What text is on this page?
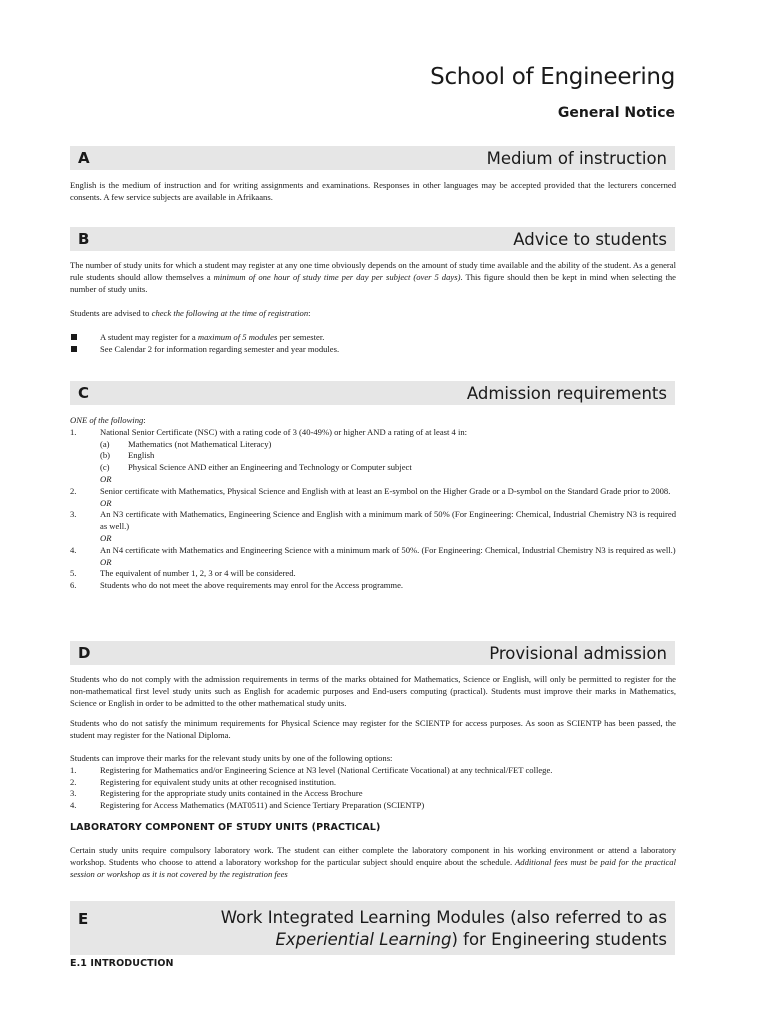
School of Engineering
General Notice
A	Medium of instruction

English is the medium of instruction and for writing assignments and examinations. Responses in other languages may be accepted provided that the lecturers concerned consents. A few service subjects are available in Afrikaans.

B	Advice to students

The number of study units for which a student may register at any one time obviously depends on the amount of study time available and the ability of the student. As a general rule students should allow themselves a minimum of one hour of study time per day per subject (over 5 days). This figure should then be kept in mind when selecting the number of study units.

Students are advised to check the following at the time of registration:

A student may register for a maximum of 5 modules per semester.
See Calendar 2 for information regarding semester and year modules.
C	Admission requirements
ONE of the following:
1.	National Senior Certificate (NSC) with a rating code of 3 (40-49%) or higher AND a rating of at least 4 in:
(a) Mathematics (not Mathematical Literacy)
(b) English
(c) Physical Science AND either an Engineering and Technology or Computer subject
OR
2.	Senior certificate with Mathematics, Physical Science and English with at least an E-symbol on the Higher Grade or a D-symbol on the Standard Grade prior to 2008.
OR
3.	An N3 certificate with Mathematics, Engineering Science and English with a minimum mark of 50% (For Engineering: Chemical, Industrial Chemistry N3 is required as well.)
OR
4.	An N4 certificate with Mathematics and Engineering Science with a minimum mark of 50%. (For Engineering: Chemical, Industrial Chemistry N3 is required as well.)
OR
5.	The equivalent of number 1, 2, 3 or 4 will be considered.
6.	Students who do not meet the above requirements may enrol for the Access programme.
D	Provisional admission

Students who do not comply with the admission requirements in terms of the marks obtained for Mathematics, Science or English, will only be permitted to register for the non-mathematical first level study units such as English for academic purposes and End-users computing (practical). Students must improve their marks in Mathematics, Science or English in order to be admitted to the other mathematical study units.

Students who do not satisfy the minimum requirements for Physical Science may register for the SCIENTP for access purposes. As soon as SCIENTP has been passed, the student may register for the National Diploma.

Students can improve their marks for the relevant study units by one of the following options:
1.	Registering for Mathematics and/or Engineering Science at N3 level (National Certificate Vocational) at any technical/FET college.
2.	Registering for equivalent study units at other recognised institution.
3.	Registering for the appropriate study units contained in the Access Brochure
4.	Registering for Access Mathematics (MAT0511) and Science Tertiary Preparation (SCIENTP)
LABORATORY COMPONENT OF STUDY UNITS (PRACTICAL)

Certain study units require compulsory laboratory work. The student can either complete the laboratory component in his working environment or attend a laboratory workshop. Students who choose to attend a laboratory workshop for the particular subject should enquire about the schedule. Additional fees must be paid for the practical session or workshop as it is not covered by the registration fees

E	Work Integrated Learning Modules (also referred to as Experiential Learning) for Engineering students
E.1 INTRODUCTION
